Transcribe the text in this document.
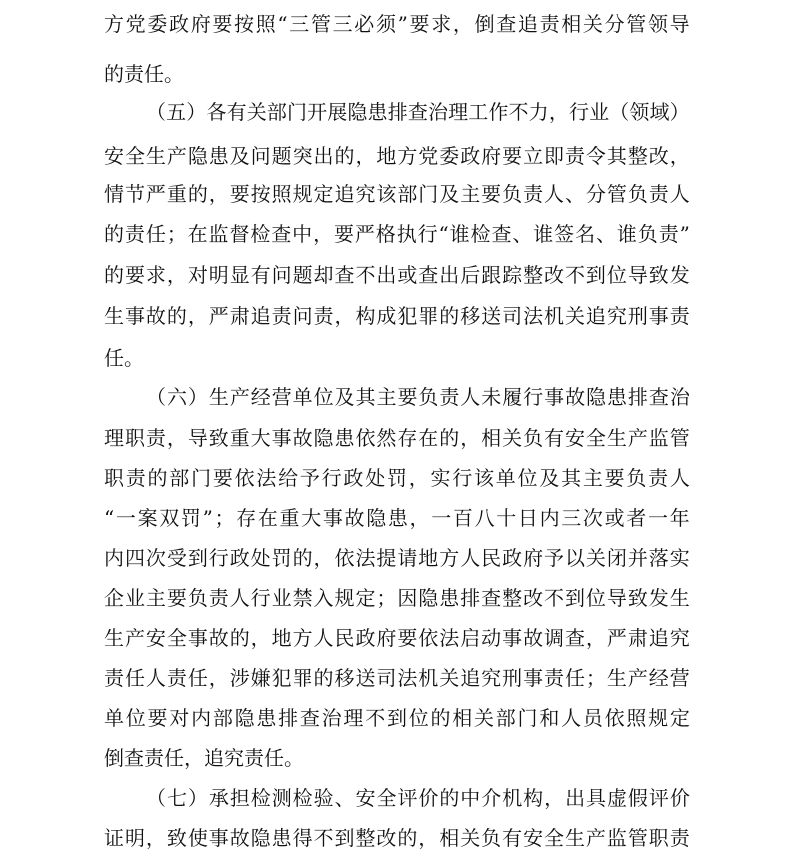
方 党 委 政 府 要 按 照 “ 三 管 三 必 须 ” 要 求 ， 倒 查 追 责 相 关 分 管 领 导
的责任。
（ 五 ） 各 有 关 部 门 开 展 隐 患 排 查 治 理 工 作 不 力 ， 行 业 （ 领 域 ）
安 全 生 产 隐 患 及 问 题 突 出 的 ， 地 方 党 委 政 府 要 立 即 责 令 其 整 改 ，
情 节 严 重 的 ， 要 按 照 规 定 追 究 该 部 门 及 主 要 负 责 人 、 分 管 负 责 人
的 责 任 ； 在 监 督 检 查 中 ， 要 严 格 执 行 “ 谁 检 查 、 谁 签 名 、 谁 负 责 ”
的 要 求 ， 对 明 显 有 问 题 却 查 不 出 或 查 出 后 跟 踪 整 改 不 到 位 导 致 发
生 事 故 的 ， 严 肃 追 责 问 责 ， 构 成 犯 罪 的 移 送 司 法 机 关 追 究 刑 事 责
任。
（ 六 ） 生 产 经 营 单 位 及 其 主 要 负 责 人 未 履 行 事 故 隐 患 排 查 治
理 职 责 ， 导 致 重 大 事 故 隐 患 依 然 存 在 的 ， 相 关 负 有 安 全 生 产 监 管
职 责 的 部 门 要 依 法 给 予 行 政 处 罚 ， 实 行 该 单 位 及 其 主 要 负 责 人
“ 一 案 双 罚 ” ； 存 在 重 大 事 故 隐 患 ， 一 百 八 十 日 内 三 次 或 者 一 年
内 四 次 受 到 行 政 处 罚 的 ， 依 法 提 请 地 方 人 民 政 府 予 以 关 闭 并 落 实
企 业 主 要 负 责 人 行 业 禁 入 规 定 ； 因 隐 患 排 查 整 改 不 到 位 导 致 发 生
生 产 安 全 事 故 的 ， 地 方 人 民 政 府 要 依 法 启 动 事 故 调 查 ， 严 肃 追 究
责 任 人 责 任 ， 涉 嫌 犯 罪 的 移 送 司 法 机 关 追 究 刑 事 责 任 ； 生 产 经 营
单 位 要 对 内 部 隐 患 排 查 治 理 不 到 位 的 相 关 部 门 和 人 员 依 照 规 定
倒查责任，追究责任。
（ 七 ） 承 担 检 测 检 验 、 安 全 评 价 的 中 介 机 构 ， 出 具 虚 假 评 价
证 明 ， 致 使 事 故 隐 患 得 不 到 整 改 的 ， 相 关 负 有 安 全 生 产 监 管 职 责
